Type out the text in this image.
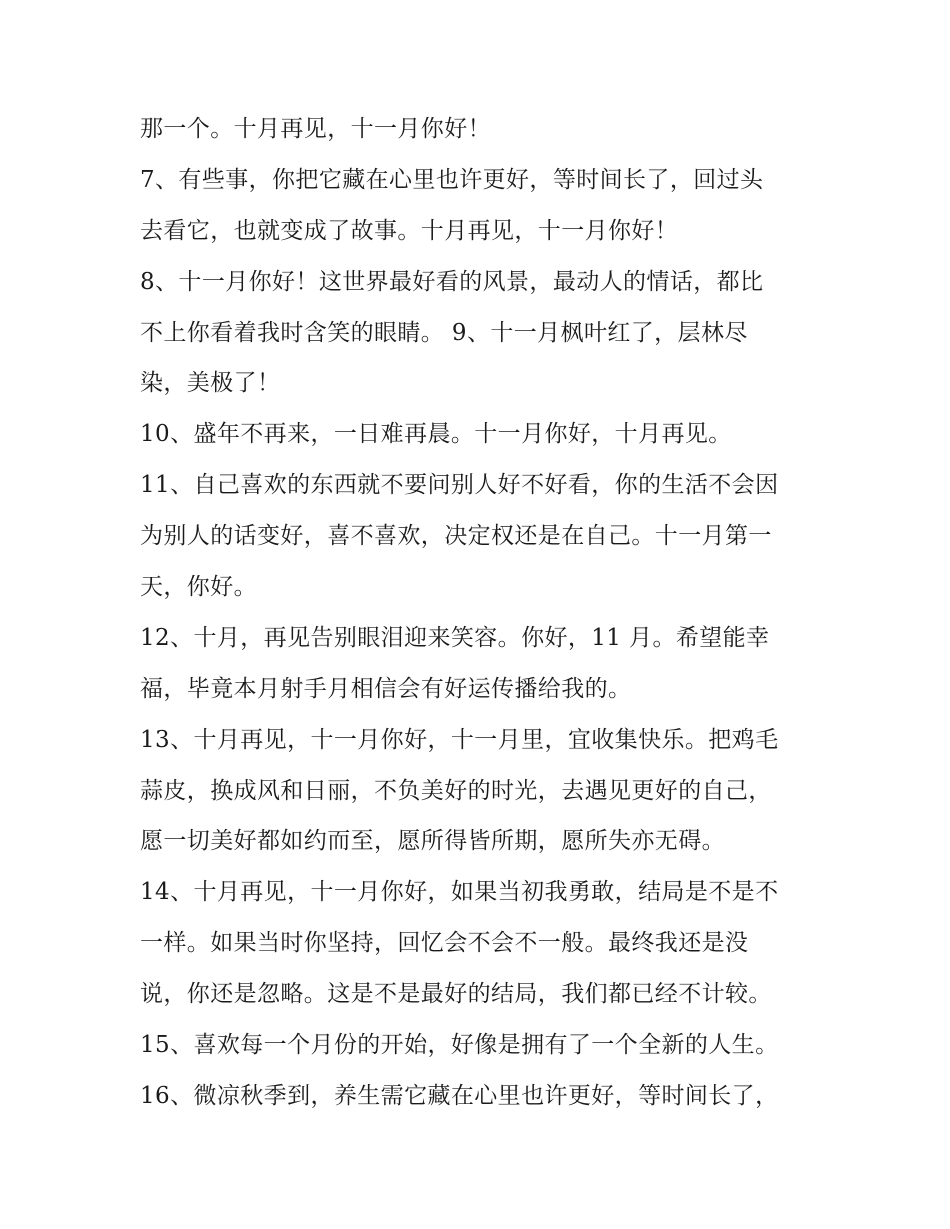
那一个。十月再见，十一月你好！
7、有些事，你把它藏在心里也许更好，等时间长了，回过头
去看它，也就变成了故事。十月再见，十一月你好！
8、十一月你好！这世界最好看的风景，最动人的情话，都比
不上你看着我时含笑的眼睛。 9、十一月枫叶红了，层林尽
染，美极了！
10、盛年不再来，一日难再晨。十一月你好，十月再见。
11、自己喜欢的东西就不要问别人好不好看，你的生活不会因
为别人的话变好，喜不喜欢，决定权还是在自己。十一月第一
天，你好。
12、十月，再见告别眼泪迎来笑容。你好，11 月。希望能幸
福，毕竟本月射手月相信会有好运传播给我的。
13、十月再见，十一月你好，十一月里，宜收集快乐。把鸡毛
蒜皮，换成风和日丽，不负美好的时光，去遇见更好的自己，
愿一切美好都如约而至，愿所得皆所期，愿所失亦无碍。
14、十月再见，十一月你好，如果当初我勇敢，结局是不是不
一样。如果当时你坚持，回忆会不会不一般。最终我还是没
说，你还是忽略。这是不是最好的结局，我们都已经不计较。
15、喜欢每一个月份的开始，好像是拥有了一个全新的人生。
16、微凉秋季到，养生需它藏在心里也许更好，等时间长了，
